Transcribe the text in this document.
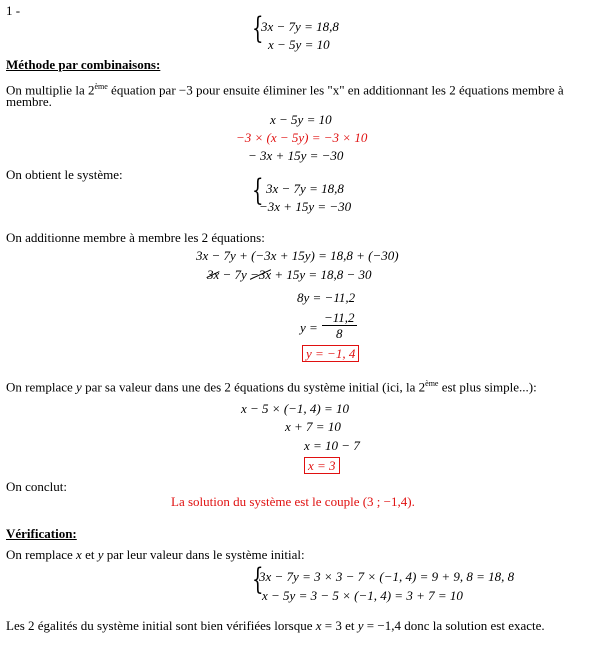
1 -
{
3x − 7y = 18,8
x − 5y = 10
Méthode par combinaisons:
On multiplie la 2ème équation par −3 pour ensuite éliminer les "x" en additionnant les 2 équations membre à
membre.
x − 5y = 10
−3 × (x − 5y) = −3 × 10
− 3x + 15y = −30
On obtient le système:	{ 3x − 7y = 18,8
−3x + 15y = −30
On additionne membre à membre les 2 équations:
3x − 7y + (−3x + 15y) = 18,8 + (−30)
3x − 7y −3x + 15y = 18,8 − 30
8y = −11,2
$y = \frac{-11,2}{8}$
y = −1, 4
On remplace y par sa valeur dans une des 2 équations du système initial (ici, la 2ème est plus simple...):
x − 5 × (−1, 4) = 10
x + 7 = 10
x = 10 − 7
x = 3
On conclut:
La solution du système est le couple (3 ; −1,4).
Vérification:
On remplace x et y par leur valeur dans le système initial:
{
3x − 7y = 3 × 3 − 7 × (−1, 4) = 9 + 9, 8 = 18, 8
x − 5y = 3 − 5 × (−1, 4) = 3 + 7 = 10
Les 2 égalités du système initial sont bien vérifiées lorsque x = 3 et y = −1,4 donc la solution est exacte.
